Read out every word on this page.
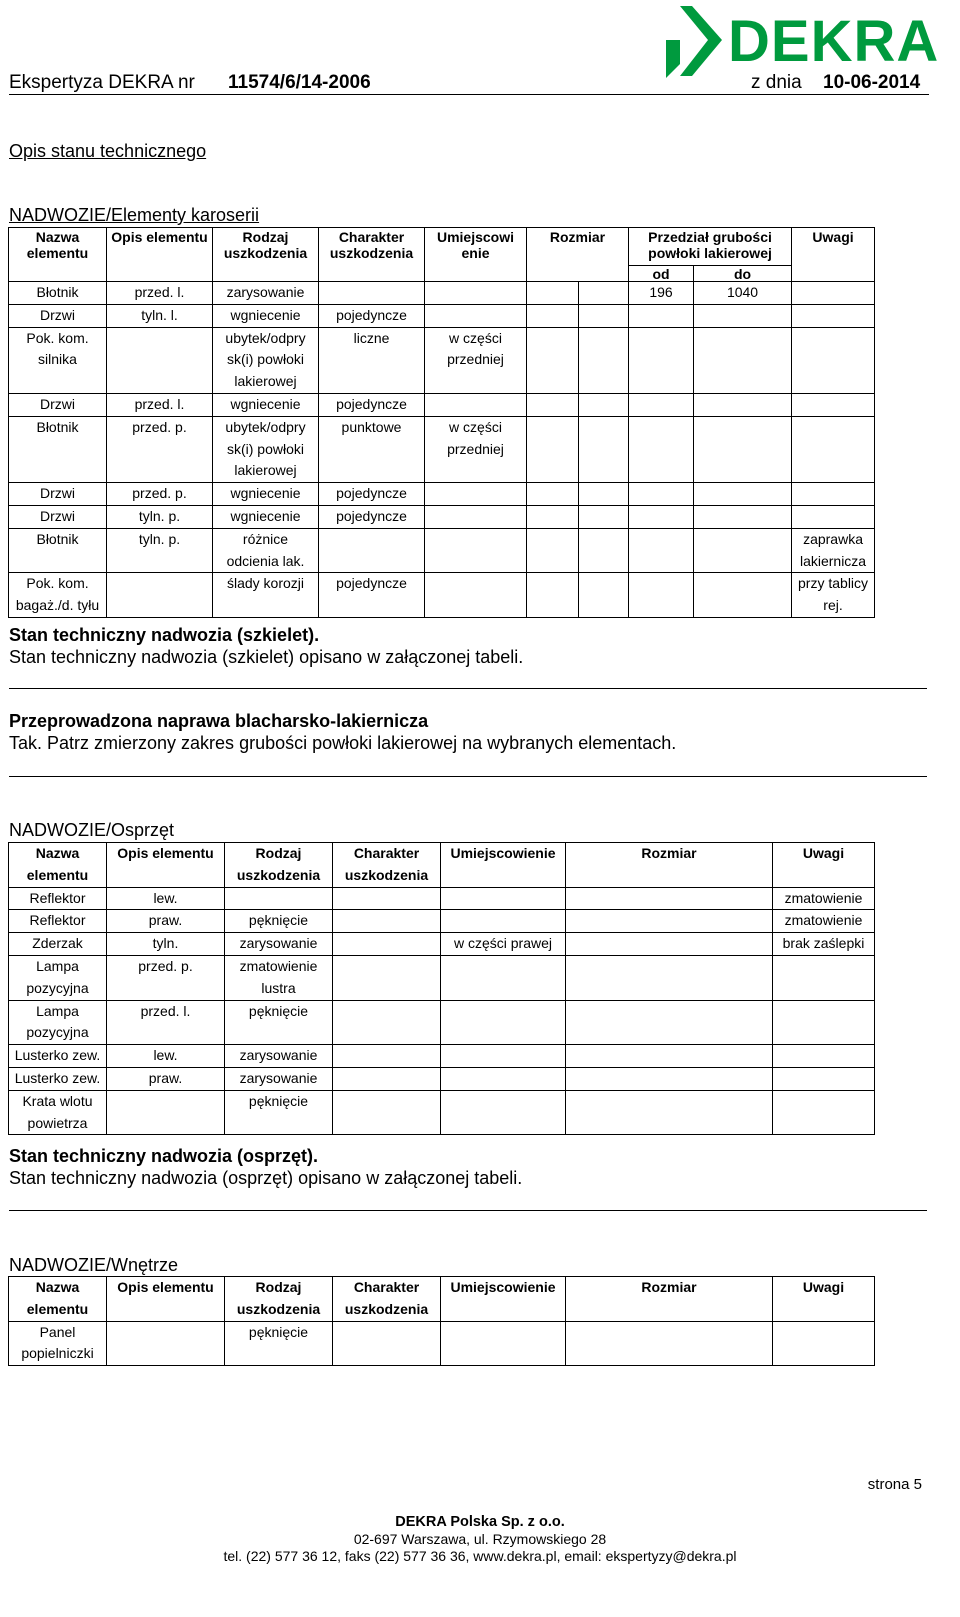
DEKRA
Ekspertyza DEKRA nr 11574/6/14-2006	z dnia 10-06-2014
Opis stanu technicznego
NADWOZIE/Elementy karoserii
Nazwa elementu	Opis elementu	Rodzaj uszkodzenia	Charakter uszkodzenia	Umiejscowi enie	Rozmiar		Przedział grubości powłoki lakierowej		Uwagi
							od	do	
Błotnik	przed. l.	zarysowanie					196	1040	
Drzwi	tyln. l.	wgniecenie	pojedyncze						
Pok. kom. silnika		ubytek/odpry sk(i) powłoki lakierowej	liczne	w części przedniej					
Drzwi	przed. l.	wgniecenie	pojedyncze						
Błotnik	przed. p.	ubytek/odpry sk(i) powłoki lakierowej	punktowe	w części przedniej					
Drzwi	przed. p.	wgniecenie	pojedyncze						
Drzwi	tyln. p.	wgniecenie	pojedyncze						
Błotnik	tyln. p.	różnice odcienia lak.							zaprawka lakiernicza
Pok. kom. bagaż./d. tyłu		ślady korozji	pojedyncze						przy tablicy rej.
Stan techniczny nadwozia (szkielet).
Stan techniczny nadwozia (szkielet) opisano w załączonej tabeli.
Przeprowadzona naprawa blacharsko-lakiernicza
Tak. Patrz zmierzony zakres grubości powłoki lakierowej na wybranych elementach.
NADWOZIE/Osprzęt
Nazwa elementu	Opis elementu	Rodzaj uszkodzenia	Charakter uszkodzenia	Umiejscowienie	Rozmiar	Uwagi
Reflektor	lew.					zmatowienie
Reflektor	praw.	pęknięcie				zmatowienie
Zderzak	tyln.	zarysowanie		w części prawej		brak zaślepki
Lampa pozycyjna	przed. p.	zmatowienie lustra				
Lampa pozycyjna	przed. l.	pęknięcie				
Lusterko zew.	lew.	zarysowanie				
Lusterko zew.	praw.	zarysowanie				
Krata wlotu powietrza		pęknięcie				
Stan techniczny nadwozia (osprzęt).
Stan techniczny nadwozia (osprzęt) opisano w załączonej tabeli.
NADWOZIE/Wnętrze
Nazwa elementu	Opis elementu	Rodzaj uszkodzenia	Charakter uszkodzenia	Umiejscowienie	Rozmiar	Uwagi
Panel popielniczki		pęknięcie				
strona 5
DEKRA Polska Sp. z o.o.
02-697 Warszawa, ul. Rzymowskiego 28
tel. (22) 577 36 12, faks (22) 577 36 36, www.dekra.pl, email: ekspertyzy@dekra.pl
